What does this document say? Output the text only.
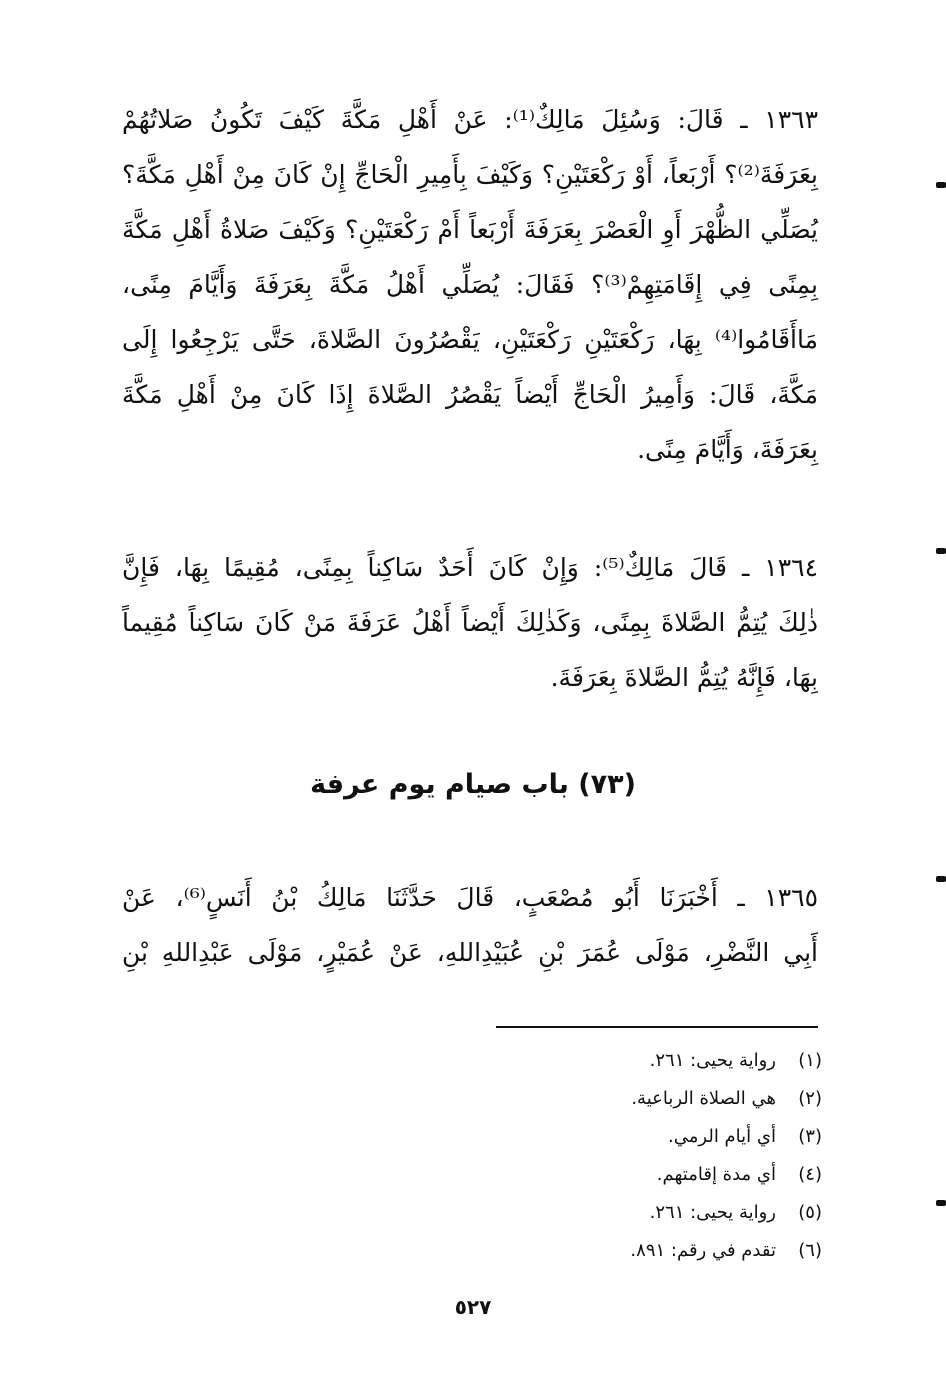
١٣٦٣ ـ قَالَ: وَسُئِلَ مَالِكٌ⁽¹⁾: عَنْ أَهْلِ مَكَّةَ كَيْفَ تَكُونُ صَلاتُهُمْ
بِعَرَفَةَ⁽²⁾؟ أَرْبَعاً، أَوْ رَكْعَتَيْنِ؟ وَكَيْفَ بِأَمِيرِ الْحَاجِّ إِنْ كَانَ مِنْ أَهْلِ مَكَّةَ؟
يُصَلِّي الظُّهْرَ أَوِ الْعَصْرَ بِعَرَفَةَ أَرْبَعاً أَمْ رَكْعَتَيْنِ؟ وَكَيْفَ صَلاةُ أَهْلِ مَكَّةَ
بِمِنًى فِي إِقَامَتِهِمْ⁽³⁾؟ فَقَالَ: يُصَلِّي أَهْلُ مَكَّةَ بِعَرَفَةَ وَأَيَّامَ مِنًى،
مَاأَقَامُوا⁽⁴⁾ بِهَا، رَكْعَتَيْنِ رَكْعَتَيْنِ، يَقْصُرُونَ الصَّلاةَ، حَتَّى يَرْجِعُوا إِلَى
مَكَّةَ، قَالَ: وَأَمِيرُ الْحَاجِّ أَيْضاً يَقْصُرُ الصَّلاةَ إِذَا كَانَ مِنْ أَهْلِ مَكَّةَ
بِعَرَفَةَ، وَأَيَّامَ مِنًى.
١٣٦٤ ـ قَالَ مَالِكٌ⁽⁵⁾: وَإِنْ كَانَ أَحَدٌ سَاكِناً بِمِنًى، مُقِيمًا بِهَا، فَإِنَّ
ذٰلِكَ يُتِمُّ الصَّلاةَ بِمِنًى، وَكَذٰلِكَ أَيْضاً أَهْلُ عَرَفَةَ مَنْ كَانَ سَاكِناً مُقِيماً
بِهَا، فَإِنَّهُ يُتِمُّ الصَّلاةَ بِعَرَفَةَ.
(٧٣) باب صيام يوم عرفة
١٣٦٥ ـ أَخْبَرَنَا أَبُو مُصْعَبٍ، قَالَ حَدَّثَنَا مَالِكُ بْنُ أَنَسٍ⁽⁶⁾، عَنْ
أَبِي النَّضْرِ، مَوْلَى عُمَرَ بْنِ عُبَيْدِاللهِ، عَنْ عُمَيْرٍ، مَوْلَى عَبْدِاللهِ بْنِ
(١)
رواية يحيى: ٢٦١.
(٢)
هي الصلاة الرباعية.
(٣)
أي أيام الرمي.
(٤)
أي مدة إقامتهم.
(٥)
رواية يحيى: ٢٦١.
(٦)
تقدم في رقم: ٨٩١.
٥٢٧
